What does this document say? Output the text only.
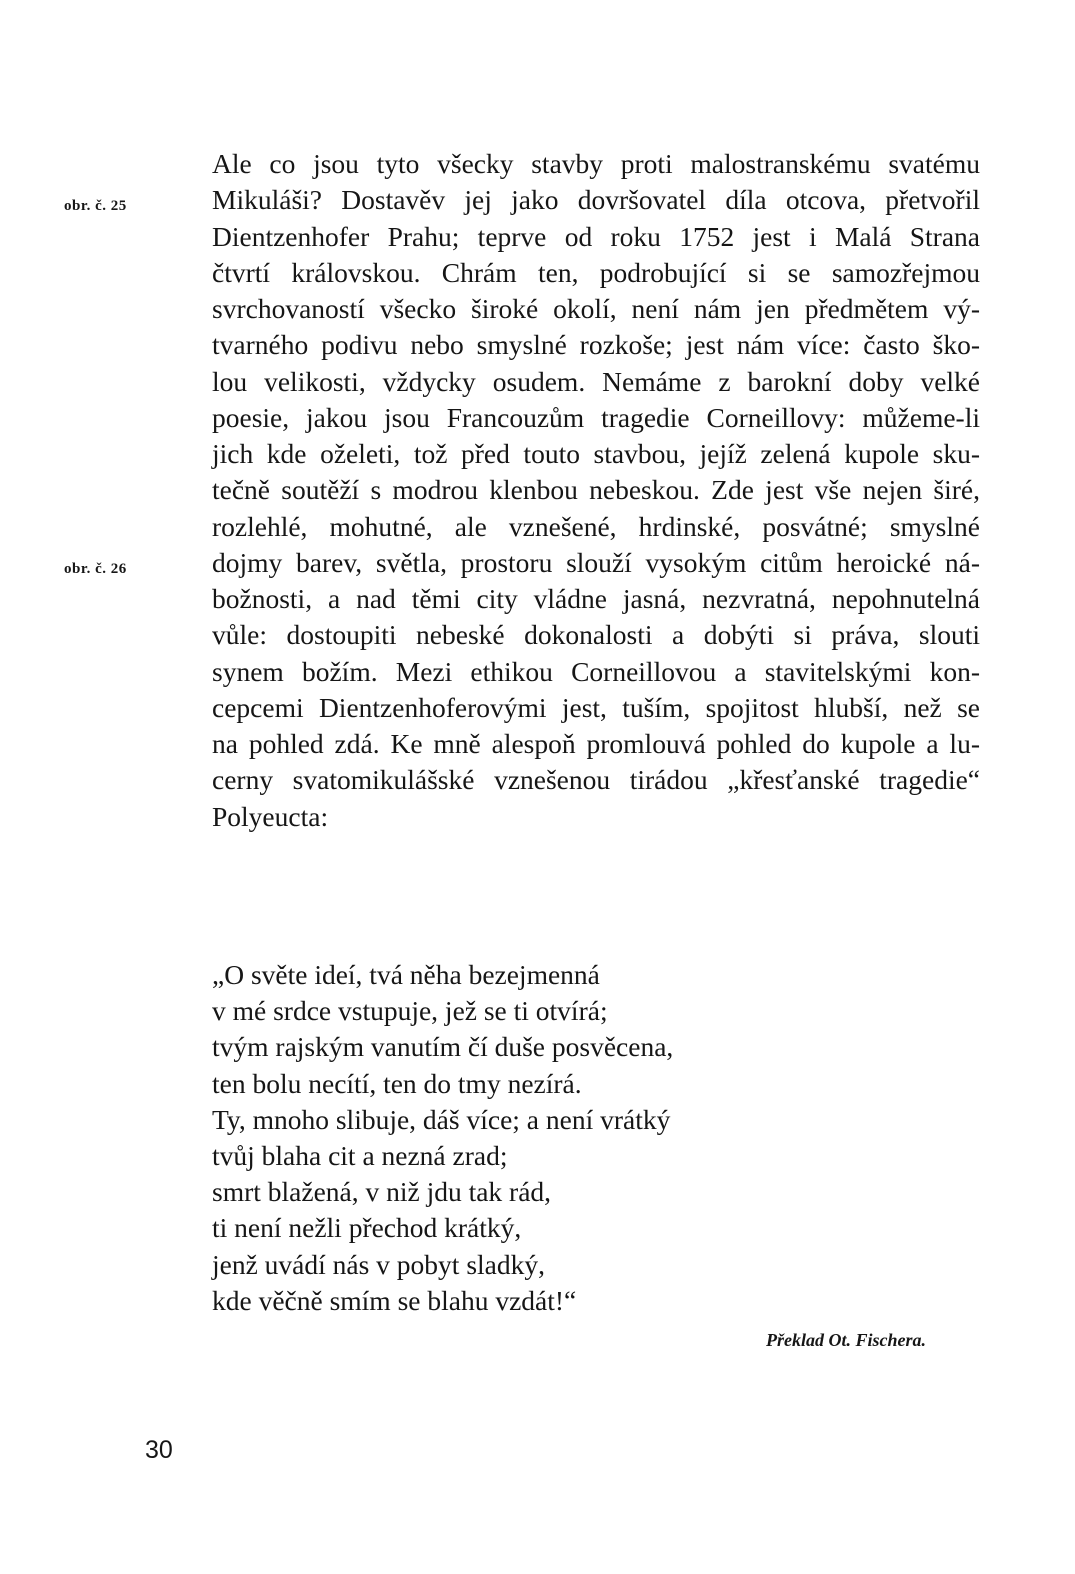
obr. č. 25
obr. č. 26
Ale co jsou tyto všecky stavby proti malostranskému svatému
Mikuláši? Dostavěv jej jako dovršovatel díla otcova, přetvořil
Dientzenhofer Prahu; teprve od roku 1752 jest i Malá Strana
čtvrtí královskou. Chrám ten, podrobující si se samozřejmou
svrchovaností všecko široké okolí, není nám jen předmětem vý-
tvarného podivu nebo smyslné rozkoše; jest nám více: často ško-
lou velikosti, vždycky osudem. Nemáme z barokní doby velké
poesie, jakou jsou Francouzům tragedie Corneillovy: můžeme-li
jich kde oželeti, tož před touto stavbou, jejíž zelená kupole sku-
tečně soutěží s modrou klenbou nebeskou. Zde jest vše nejen širé,
rozlehlé, mohutné, ale vznešené, hrdinské, posvátné; smyslné
dojmy barev, světla, prostoru slouží vysokým citům heroické ná-
božnosti, a nad těmi city vládne jasná, nezvratná, nepohnutelná
vůle: dostoupiti nebeské dokonalosti a dobýti si práva, slouti
synem božím. Mezi ethikou Corneillovou a stavitelskými kon-
cepcemi Dientzenhoferovými jest, tuším, spojitost hlubší, než se
na pohled zdá. Ke mně alespoň promlouvá pohled do kupole a lu-
cerny svatomikulášské vznešenou tirádou „křesťanské tragedie“
Polyeucta:
„O světe ideí, tvá něha bezejmenná
v mé srdce vstupuje, jež se ti otvírá;
tvým rajským vanutím čí duše posvěcena,
ten bolu necítí, ten do tmy nezírá.
Ty, mnoho slibuje, dáš více; a není vrátký
tvůj blaha cit a nezná zrad;
smrt blažená, v niž jdu tak rád,
ti není nežli přechod krátký,
jenž uvádí nás v pobyt sladký,
kde věčně smím se blahu vzdát!“
Překlad Ot. Fischera.
30
